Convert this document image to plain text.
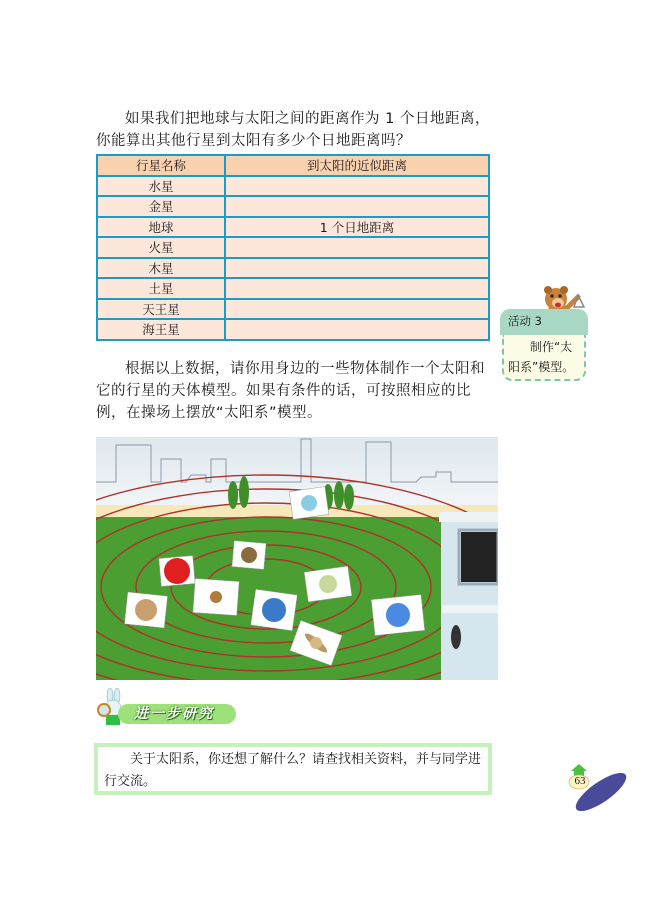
如果我们把地球与太阳之间的距离作为 1 个日地距离，你能算出其他行星到太阳有多少个日地距离吗？
行星名称	到太阳的近似距离
水星	
金星	
地球	1 个日地距离
火星	
木星	
土星	
天王星	
海王星	
活动 3
制作“太阳系”模型。
根据以上数据，请你用身边的一些物体制作一个太阳和它的行星的天体模型。如果有条件的话，可按照相应的比例，在操场上摆放“太阳系”模型。
进一步研究
关于太阳系，你还想了解什么？请查找相关资料，并与同学进行交流。	63
